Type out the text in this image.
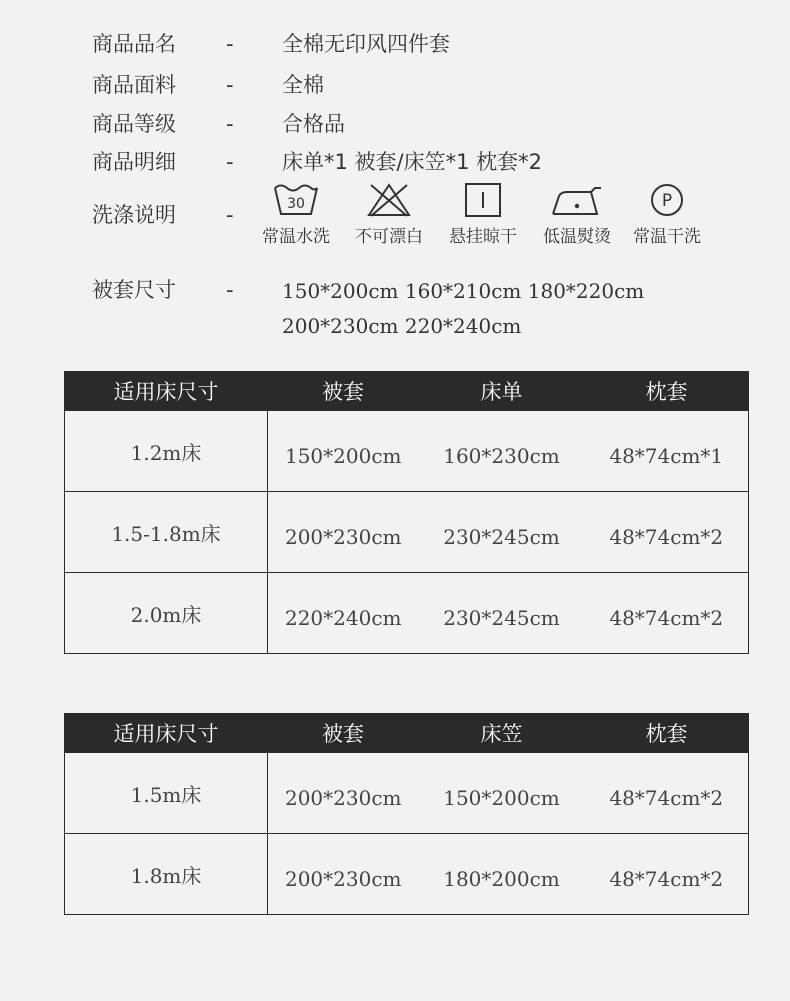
商品品名 - 全棉无印风四件套
商品面料 - 全棉
商品等级 - 合格品
商品明细 - 床单*1 被套/床笠*1 枕套*2
洗涤说明 -	30
常温水洗	不可漂白	悬挂晾干	低温熨烫
P
常温干洗
被套尺寸 - 150*200cm 160*210cm 180*220cm
200*230cm 220*240cm
适用床尺寸	被套	床单	枕套
1.2m床	150*200cm	160*230cm	48*74cm*1
1.5-1.8m床	200*230cm	230*245cm	48*74cm*2
2.0m床	220*240cm	230*245cm	48*74cm*2
适用床尺寸	被套	床笠	枕套
1.5m床	200*230cm	150*200cm	48*74cm*2
1.8m床	200*230cm	180*200cm	48*74cm*2
